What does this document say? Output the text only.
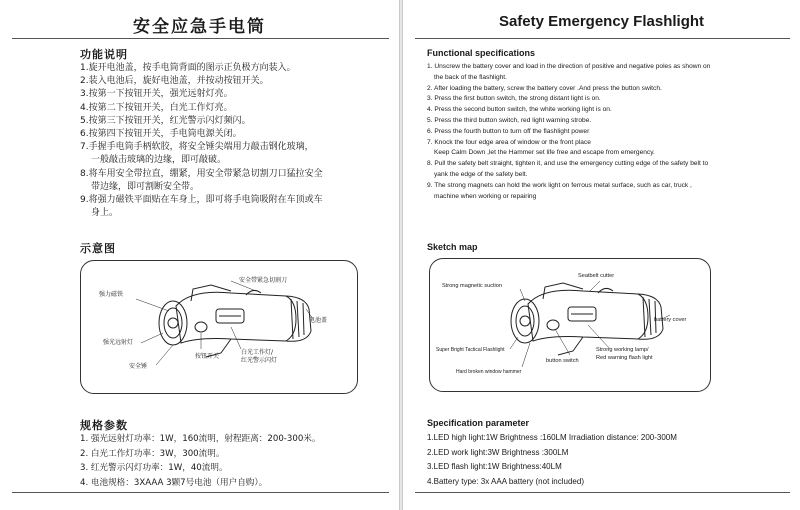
安全应急手电筒
功能说明
1.旋开电池盖，按手电筒背面的图示正负极方向装入。
2.装入电池后，旋好电池盖，并按动按钮开关。
3.按第一下按钮开关，强光远射灯亮。
4.按第二下按钮开关，白光工作灯亮。
5.按第三下按钮开关，红光警示闪灯频闪。
6.按第四下按钮开关，手电筒电源关闭。
7.手握手电筒手柄软胶，将安全锤尖端用力敲击钢化玻璃，
一般敲击玻璃的边缘，即可敲破。
8.将车用安全带拉直，绷紧，用安全带紧急切割刀口猛拉安全
带边缘，即可割断安全带。
9.将强力磁铁平面贴在车身上，即可将手电筒吸附在车顶或车
身上。
示意图
强力磁铁
安全带紧急切割刀
电池盖
强光远射灯
按钮开关
白光工作灯/
红光警示闪灯
安全锤
规格参数
1. 强光远射灯功率：1W，160流明，射程距离：200-300米。
2. 白光工作灯功率：3W，300流明。
3. 红光警示闪灯功率：1W，40流明。
4. 电池规格：3XAAA 3颗7号电池（用户自购）。
Safety Emergency Flashlight
Functional specifications
1. Unscrew the battery cover and load in the direction of positive and negative poles as shown on
the back of the flashlight.
2. After loading the battery, screw the battery cover .And press the button switch.
3. Press the first button switch, the strong distant light is on.
4. Press the second button switch, the white working light is on.
5. Press the third button switch, red light warning strobe.
6. Press the fourth button to turn off the flashlight power
7. Knock the four edge area of window or the front place
Keep Calm Down ,let the Hammer set life free and escape from emergency.
8. Pull the safety belt straight, tighten it, and use the emergency cutting edge of the safety belt to
yank the edge of the safety belt.
9. The strong magnets can hold the work light on ferrous metal surface, such as car, truck ,
machine when working or repairing
Sketch map
Seatbelt cutter
Strong magnetic suction
battery cover
Super Bright Tactical Flashlight
button switch
Strong working lamp/
Red warning flash light
Hard broken window hammer
Specification parameter
1.LED high light:1W Brightness :160LM Irradiation distance: 200-300M
2.LED work light:3W Brightness :300LM
3.LED flash light:1W Brightness:40LM
4.Battery type: 3x AAA battery (not included)
